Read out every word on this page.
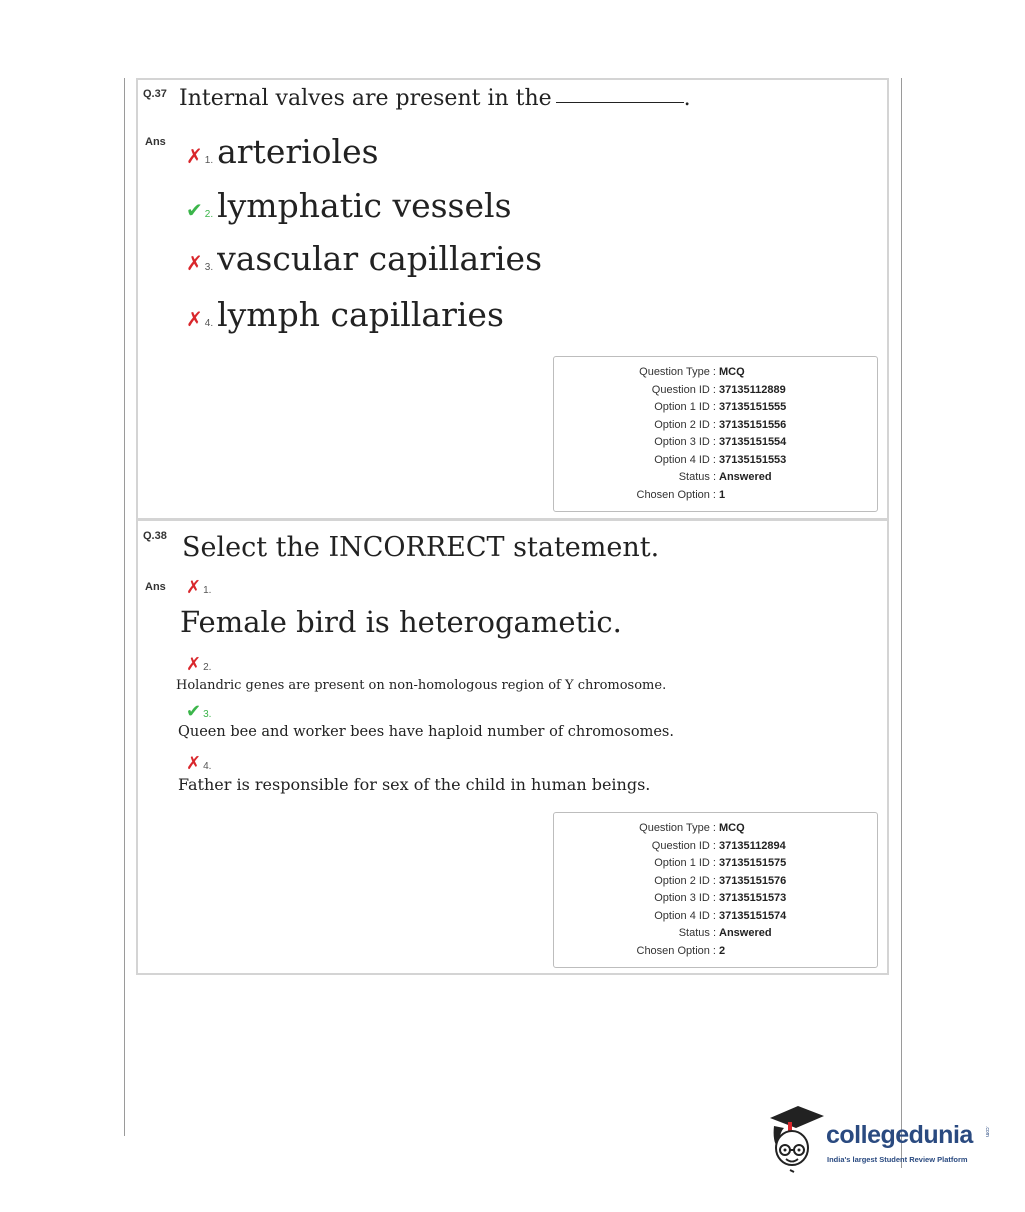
Q.37 Internal valves are present in the	.
Ans
✗ 1. arterioles
✔ 2. lymphatic vessels
✗ 3. vascular capillaries
✗ 4. lymph capillaries
Question Type : MCQ
Question ID : 37135112889
Option 1 ID : 37135151555
Option 2 ID : 37135151556
Option 3 ID : 37135151554
Option 4 ID : 37135151553
Status : Answered
Chosen Option : 1
Q.38 Select the INCORRECT statement.
Ans ✗ 1.
Female bird is heterogametic.
✗ 2.
Holandric genes are present on non-homologous region of Y chromosome.
✔ 3.
Queen bee and worker bees have haploid number of chromosomes.
✗ 4.
Father is responsible for sex of the child in human beings.
Question Type : MCQ
Question ID : 37135112894
Option 1 ID : 37135151575
Option 2 ID : 37135151576
Option 3 ID : 37135151573
Option 4 ID : 37135151574
Status : Answered
Chosen Option : 2
collegedunia .com
India's largest Student Review Platform
